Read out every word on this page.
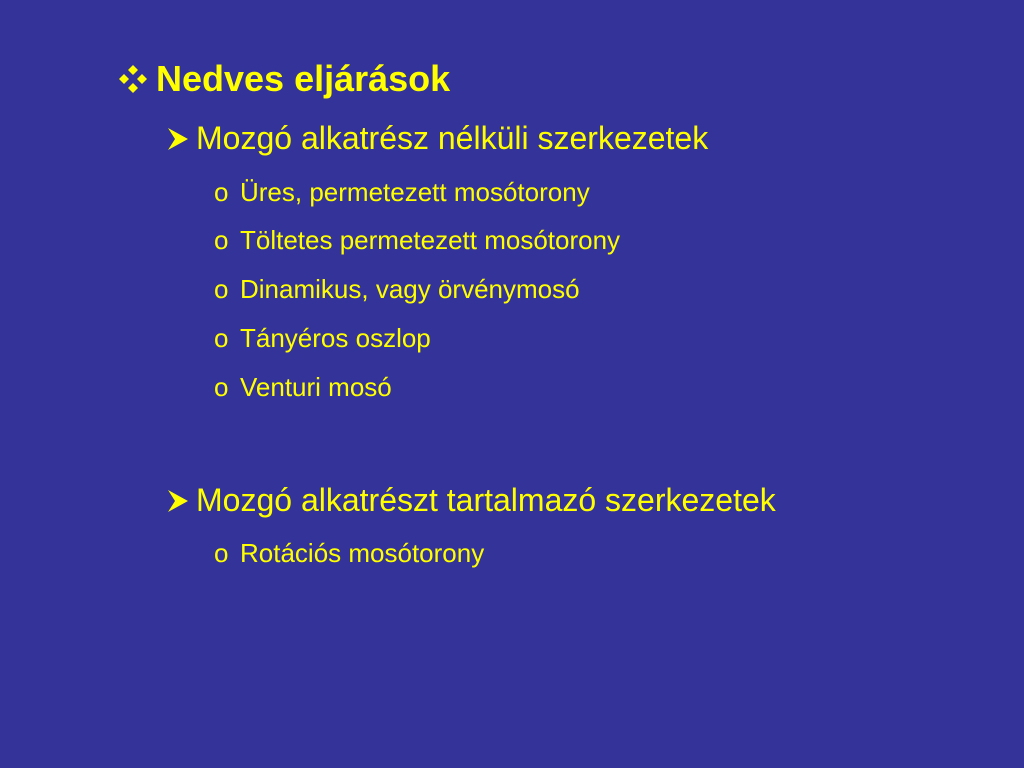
Nedves eljárások
Mozgó alkatrész nélküli szerkezetek
o Üres, permetezett mosótorony
o Töltetes permetezett mosótorony
o Dinamikus, vagy örvénymosó
o Tányéros oszlop
o Venturi mosó
Mozgó alkatrészt tartalmazó szerkezetek
o Rotációs mosótorony
